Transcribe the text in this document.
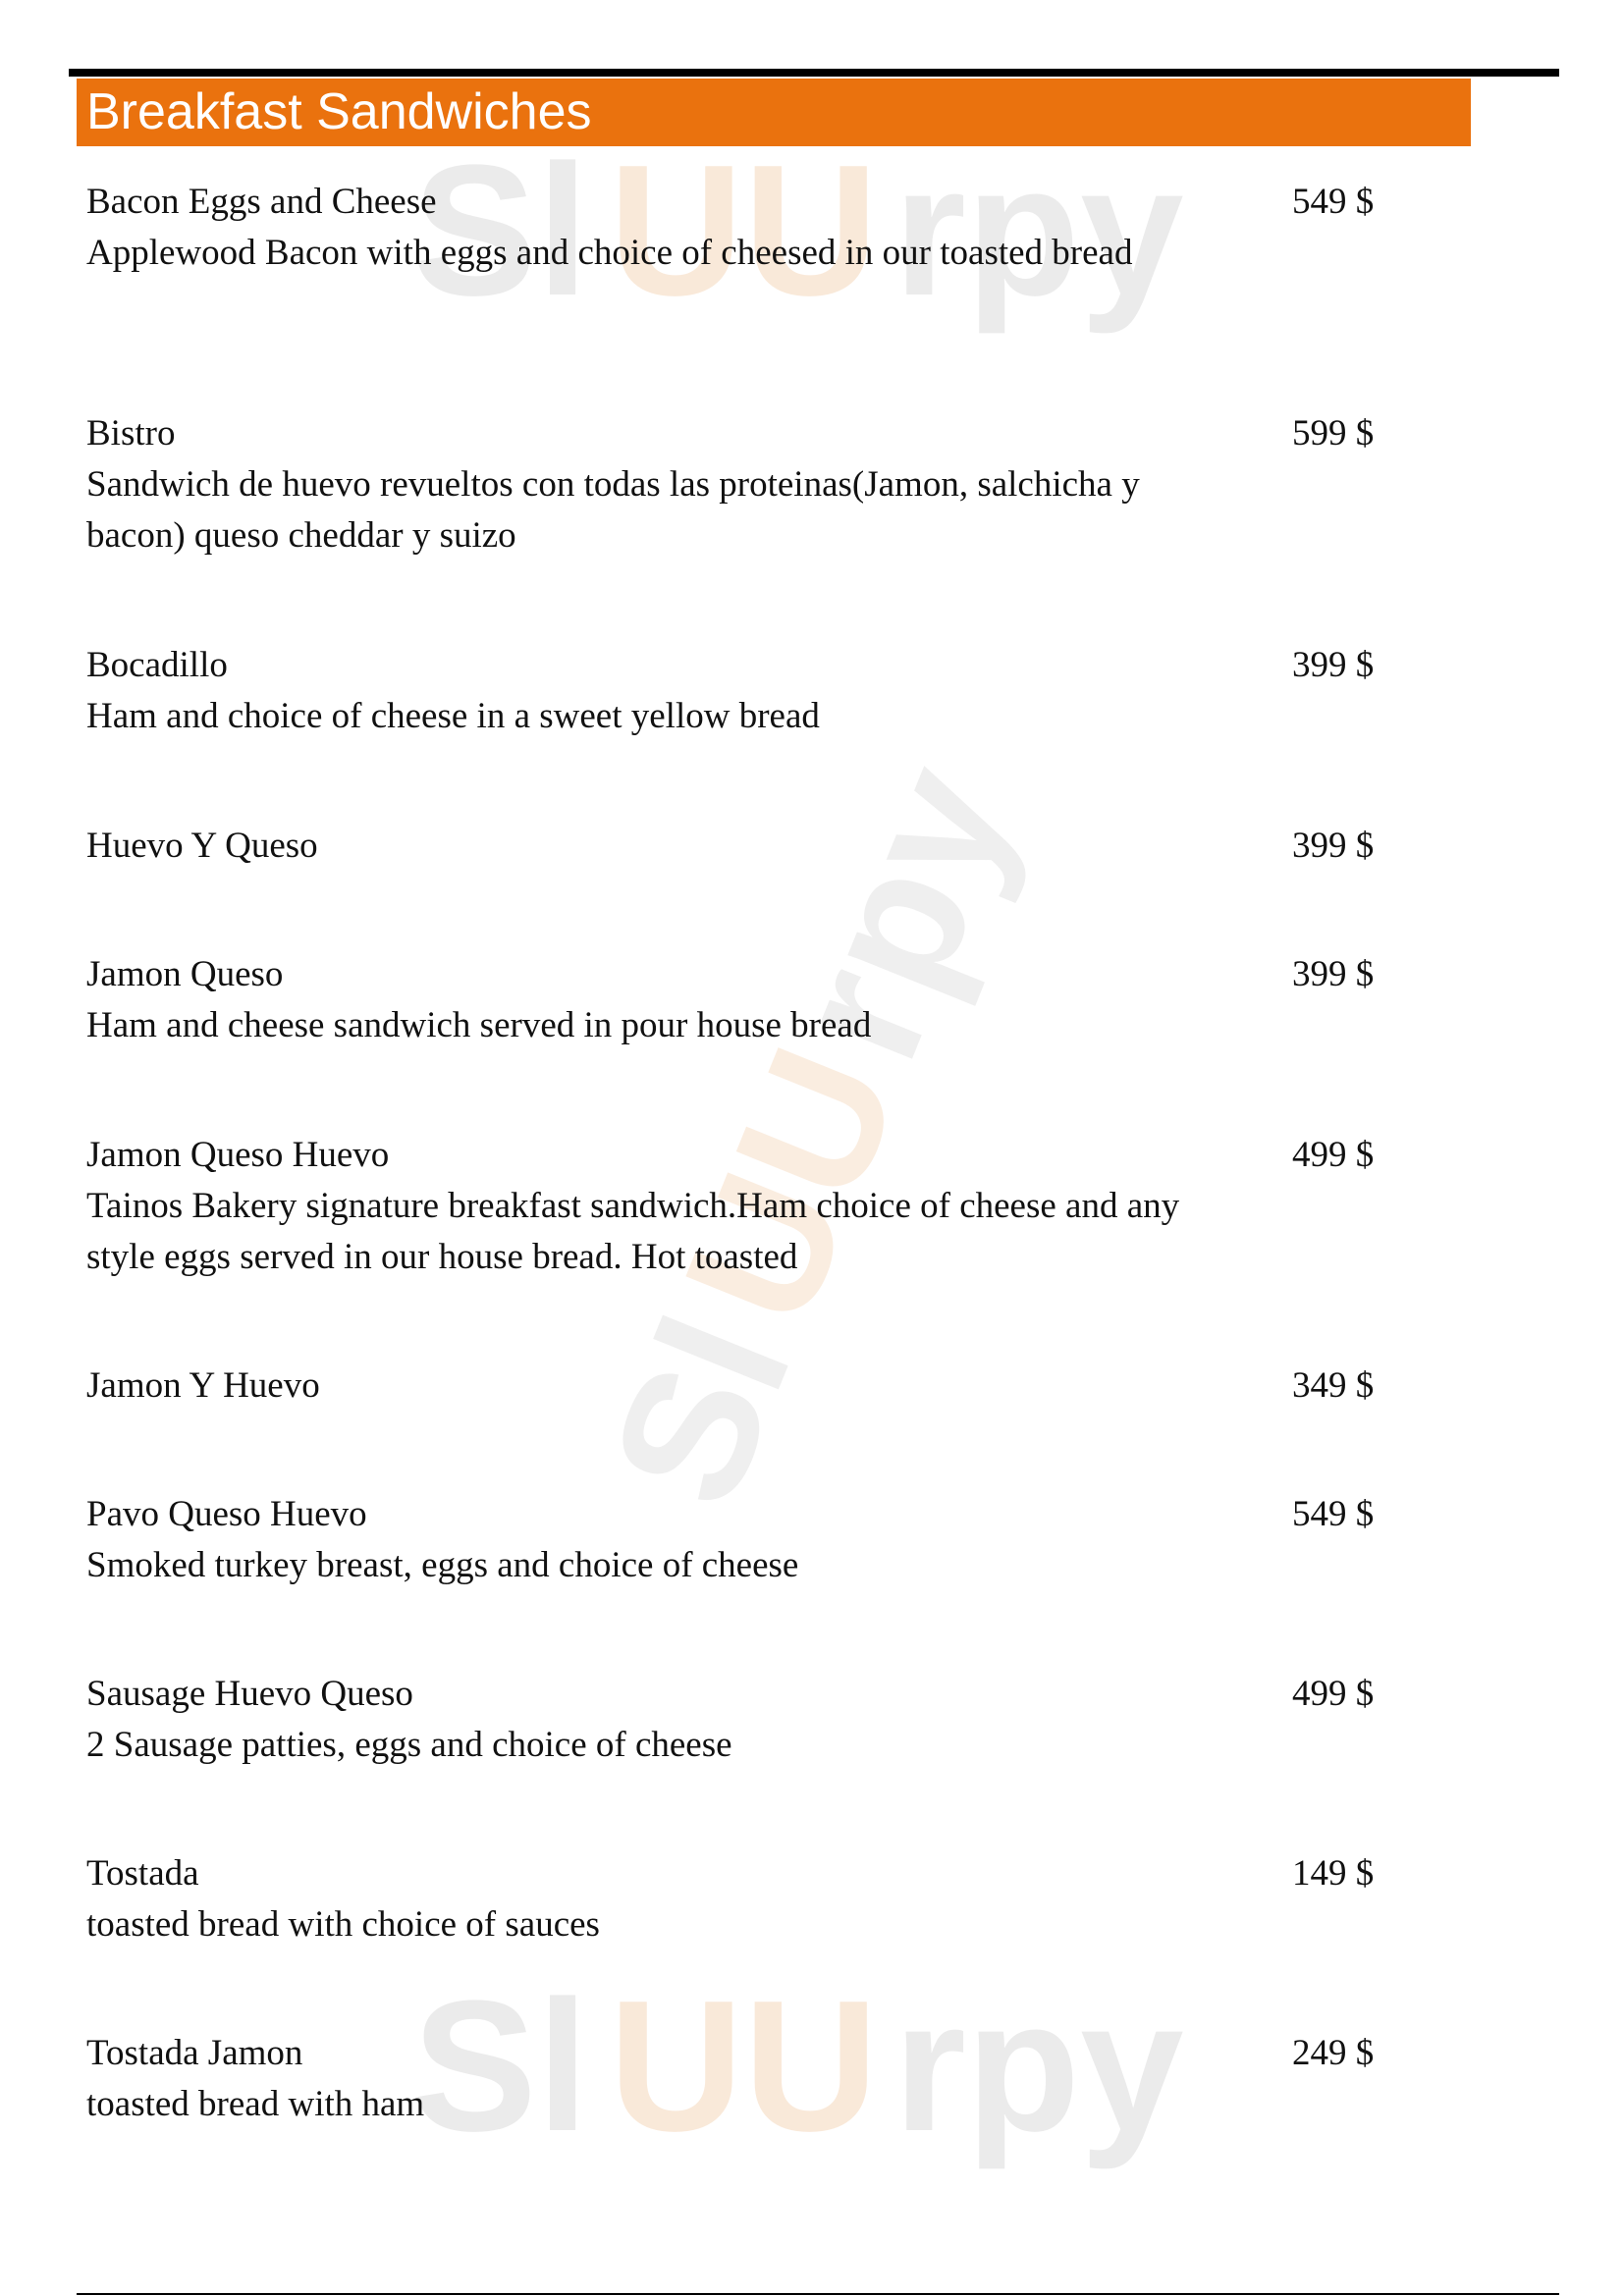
Sl UU rpy
Sl
UU
rpy
Sl UU rpy
Breakfast Sandwiches
Bacon Eggs and Cheese
Applewood Bacon with eggs and choice of cheesed in our toasted bread
549 $
Bistro
Sandwich de huevo revueltos con todas las proteinas(Jamon, salchicha y bacon) queso cheddar y suizo
599 $
Bocadillo
Ham and choice of cheese in a sweet yellow bread
399 $
Huevo Y Queso	399 $
Jamon Queso
Ham and cheese sandwich served in pour house bread
399 $
Jamon Queso Huevo
Tainos Bakery signature breakfast sandwich.Ham choice of cheese and any style eggs served in our house bread. Hot toasted
499 $
Jamon Y Huevo	349 $
Pavo Queso Huevo
Smoked turkey breast, eggs and choice of cheese
549 $
Sausage Huevo Queso
2 Sausage patties, eggs and choice of cheese
499 $
Tostada
toasted bread with choice of sauces
149 $
Tostada Jamon
toasted bread with ham
249 $
